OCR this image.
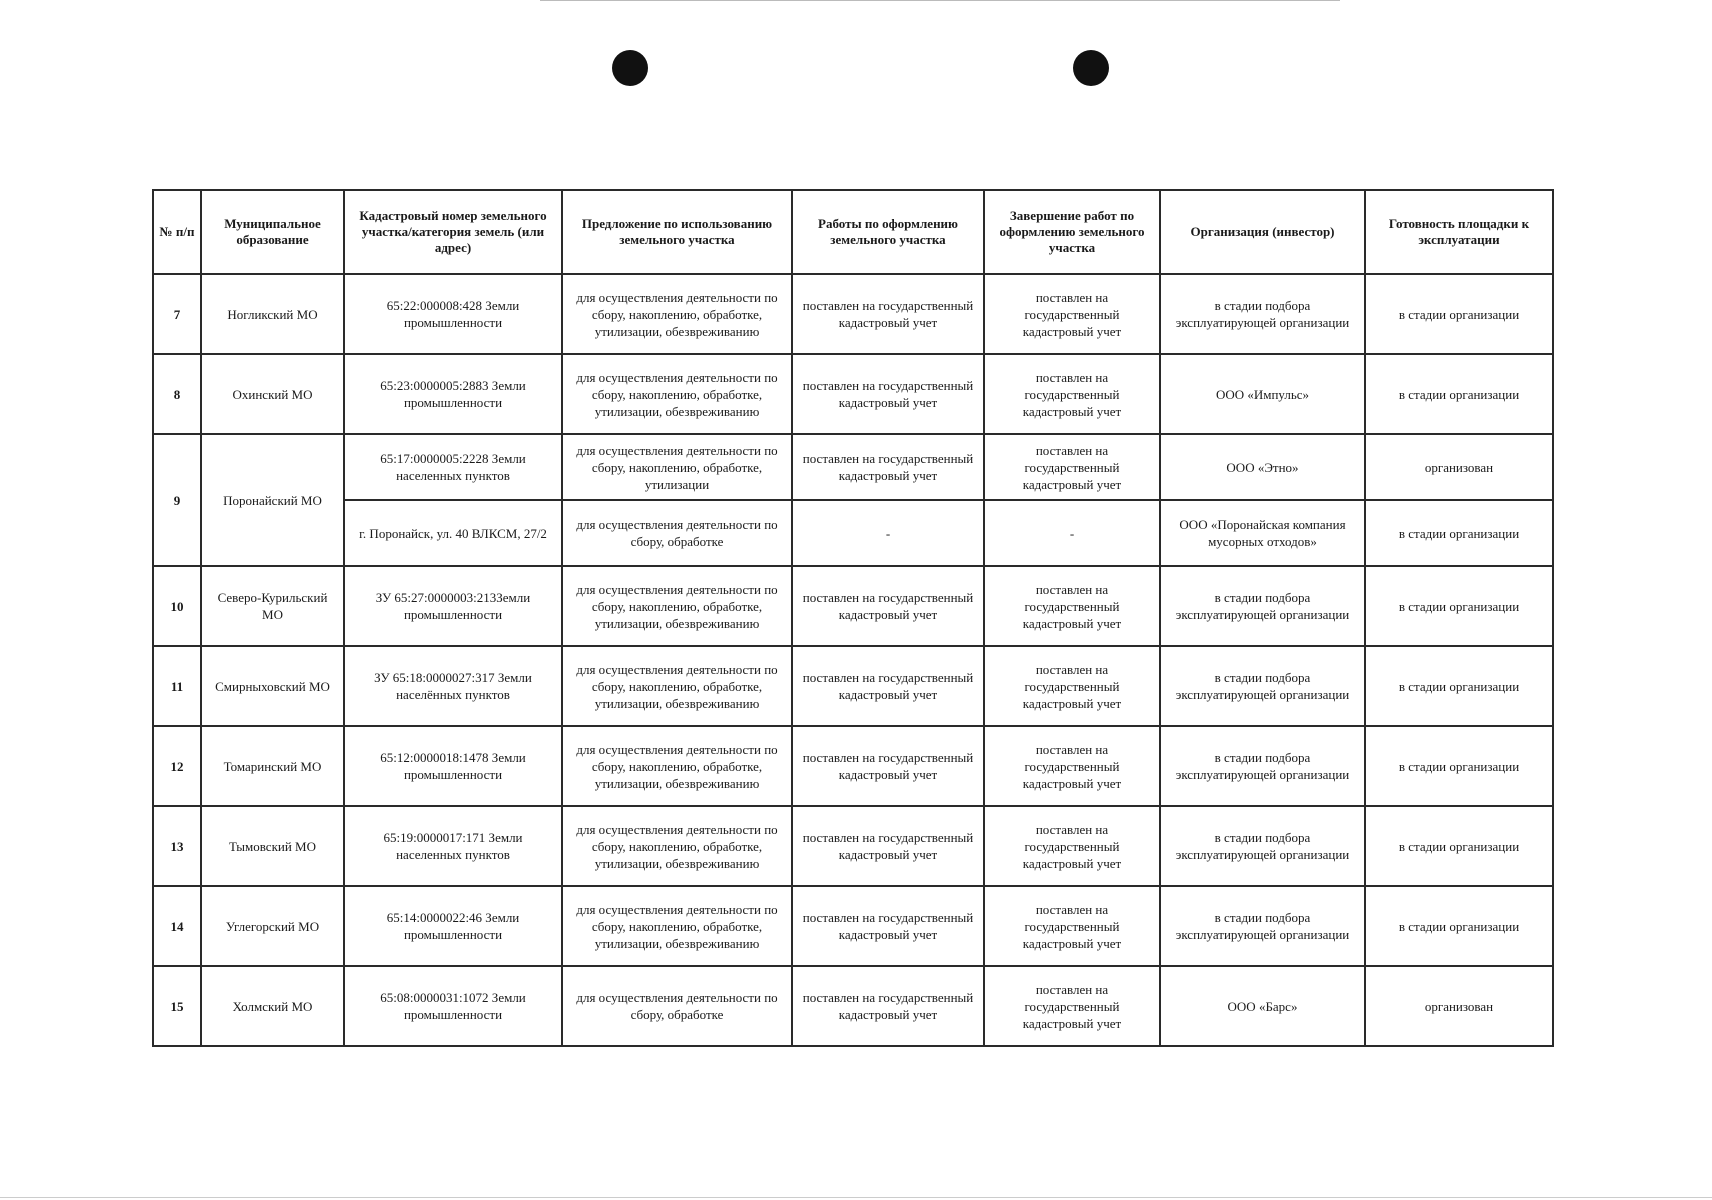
№ п/п	Муниципальное образование	Кадастровый номер земельного участка/категория земель (или адрес)	Предложение по использованию земельного участка	Работы по оформлению земельного участка	Завершение работ по оформлению земельного участка	Организация (инвестор)	Готовность площадки к эксплуатации
7	Ногликский МО	65:22:000008:428 Земли промышленности	для осуществления деятельности по сбору, накоплению, обработке, утилизации, обезвреживанию	поставлен на государственный кадастровый учет	поставлен на государственный кадастровый учет	в стадии подбора эксплуатирующей организации	в стадии организации
8	Охинский МО	65:23:0000005:2883 Земли промышленности	для осуществления деятельности по сбору, накоплению, обработке, утилизации, обезвреживанию	поставлен на государственный кадастровый учет	поставлен на государственный кадастровый учет	ООО «Импульс»	в стадии организации
9	Поронайский МО	65:17:0000005:2228 Земли населенных пунктов	для осуществления деятельности по сбору, накоплению, обработке, утилизации	поставлен на государственный кадастровый учет	поставлен на государственный кадастровый учет	ООО «Этно»	организован
		г. Поронайск, ул. 40 ВЛКСМ, 27/2	для осуществления деятельности по сбору, обработке	-	-	ООО «Поронайская компания мусорных отходов»	в стадии организации
10	Северо-Курильский МО	ЗУ 65:27:0000003:213Земли промышленности	для осуществления деятельности по сбору, накоплению, обработке, утилизации, обезвреживанию	поставлен на государственный кадастровый учет	поставлен на государственный кадастровый учет	в стадии подбора эксплуатирующей организации	в стадии организации
11	Смирныховский МО	ЗУ 65:18:0000027:317 Земли населённых пунктов	для осуществления деятельности по сбору, накоплению, обработке, утилизации, обезвреживанию	поставлен на государственный кадастровый учет	поставлен на государственный кадастровый учет	в стадии подбора эксплуатирующей организации	в стадии организации
12	Томаринский МО	65:12:0000018:1478 Земли промышленности	для осуществления деятельности по сбору, накоплению, обработке, утилизации, обезвреживанию	поставлен на государственный кадастровый учет	поставлен на государственный кадастровый учет	в стадии подбора эксплуатирующей организации	в стадии организации
13	Тымовский МО	65:19:0000017:171 Земли населенных пунктов	для осуществления деятельности по сбору, накоплению, обработке, утилизации, обезвреживанию	поставлен на государственный кадастровый учет	поставлен на государственный кадастровый учет	в стадии подбора эксплуатирующей организации	в стадии организации
14	Углегорский МО	65:14:0000022:46 Земли промышленности	для осуществления деятельности по сбору, накоплению, обработке, утилизации, обезвреживанию	поставлен на государственный кадастровый учет	поставлен на государственный кадастровый учет	в стадии подбора эксплуатирующей организации	в стадии организации
15	Холмский МО	65:08:0000031:1072 Земли промышленности	для осуществления деятельности по сбору, обработке	поставлен на государственный кадастровый учет	поставлен на государственный кадастровый учет	ООО «Барс»	организован
